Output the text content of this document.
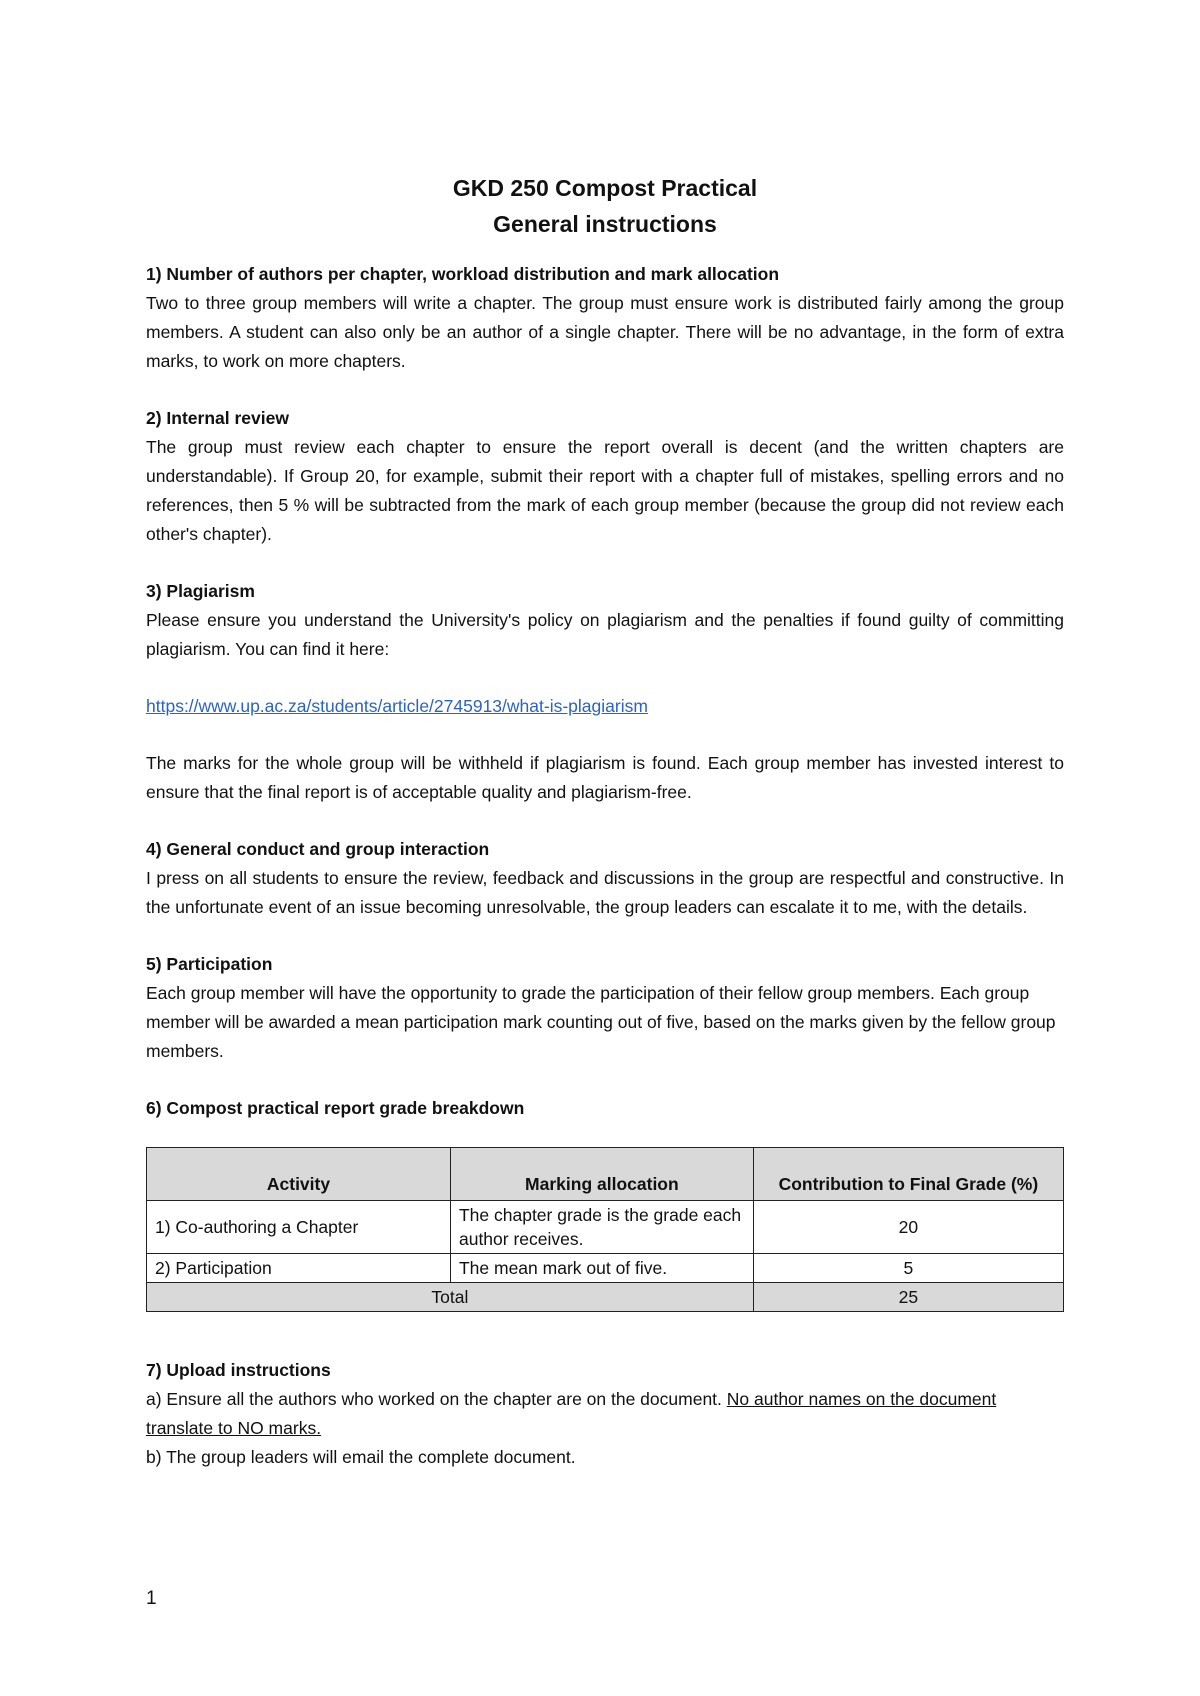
GKD 250 Compost Practical

General instructions

1) Number of authors per chapter, workload distribution and mark allocation

Two to three group members will write a chapter. The group must ensure work is distributed fairly among the group members. A student can also only be an author of a single chapter. There will be no advantage, in the form of extra marks, to work on more chapters.

2) Internal review

The group must review each chapter to ensure the report overall is decent (and the written chapters are understandable). If Group 20, for example, submit their report with a chapter full of mistakes, spelling errors and no references, then 5 % will be subtracted from the mark of each group member (because the group did not review each other's chapter).

3) Plagiarism

Please ensure you understand the University's policy on plagiarism and the penalties if found guilty of committing plagiarism. You can find it here:

https://www.up.ac.za/students/article/2745913/what-is-plagiarism

The marks for the whole group will be withheld if plagiarism is found. Each group member has invested interest to ensure that the final report is of acceptable quality and plagiarism-free.

4) General conduct and group interaction

I press on all students to ensure the review, feedback and discussions in the group are respectful and constructive. In the unfortunate event of an issue becoming unresolvable, the group leaders can escalate it to me, with the details.

5) Participation

Each group member will have the opportunity to grade the participation of their fellow group members. Each group member will be awarded a mean participation mark counting out of five, based on the marks given by the fellow group members.

6) Compost practical report grade breakdown

Activity	Marking allocation	Contribution to Final Grade (%)
1) Co-authoring a Chapter	The chapter grade is the grade each author receives.	20
2) Participation	The mean mark out of five.	5
Total		25

7) Upload instructions

a) Ensure all the authors who worked on the chapter are on the document. No author names on the document translate to NO marks.

b) The group leaders will email the complete document.

1
